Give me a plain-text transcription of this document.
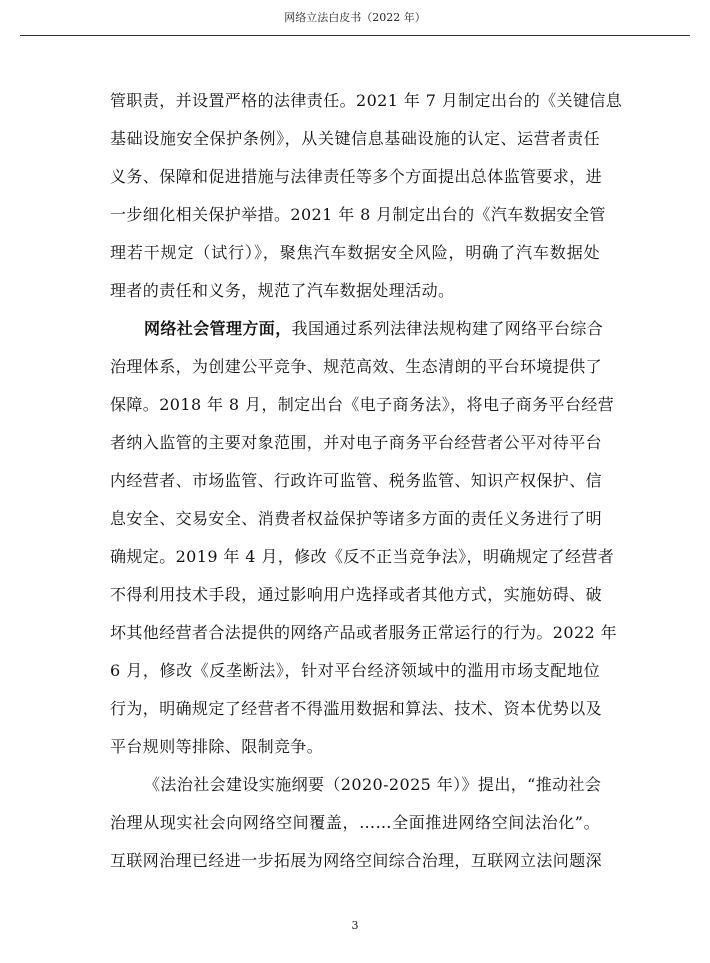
网络立法白皮书（2022 年）
管职责，并设置严格的法律责任。2021 年 7 月制定出台的《关键信息
基础设施安全保护条例》，从关键信息基础设施的认定、运营者责任
义务、保障和促进措施与法律责任等多个方面提出总体监管要求，进
一步细化相关保护举措。2021 年 8 月制定出台的《汽车数据安全管
理若干规定（试行）》，聚焦汽车数据安全风险，明确了汽车数据处
理者的责任和义务，规范了汽车数据处理活动。
网络社会管理方面，我国通过系列法律法规构建了网络平台综合
治理体系，为创建公平竞争、规范高效、生态清朗的平台环境提供了
保障。2018 年 8 月，制定出台《电子商务法》，将电子商务平台经营
者纳入监管的主要对象范围，并对电子商务平台经营者公平对待平台
内经营者、市场监管、行政许可监管、税务监管、知识产权保护、信
息安全、交易安全、消费者权益保护等诸多方面的责任义务进行了明
确规定。2019 年 4 月，修改《反不正当竞争法》，明确规定了经营者
不得利用技术手段，通过影响用户选择或者其他方式，实施妨碍、破
坏其他经营者合法提供的网络产品或者服务正常运行的行为。2022 年
6 月，修改《反垄断法》，针对平台经济领域中的滥用市场支配地位
行为，明确规定了经营者不得滥用数据和算法、技术、资本优势以及
平台规则等排除、限制竞争。
《法治社会建设实施纲要（2020-2025 年）》提出，“推动社会
治理从现实社会向网络空间覆盖，……全面推进网络空间法治化”。
互联网治理已经进一步拓展为网络空间综合治理，互联网立法问题深
3
